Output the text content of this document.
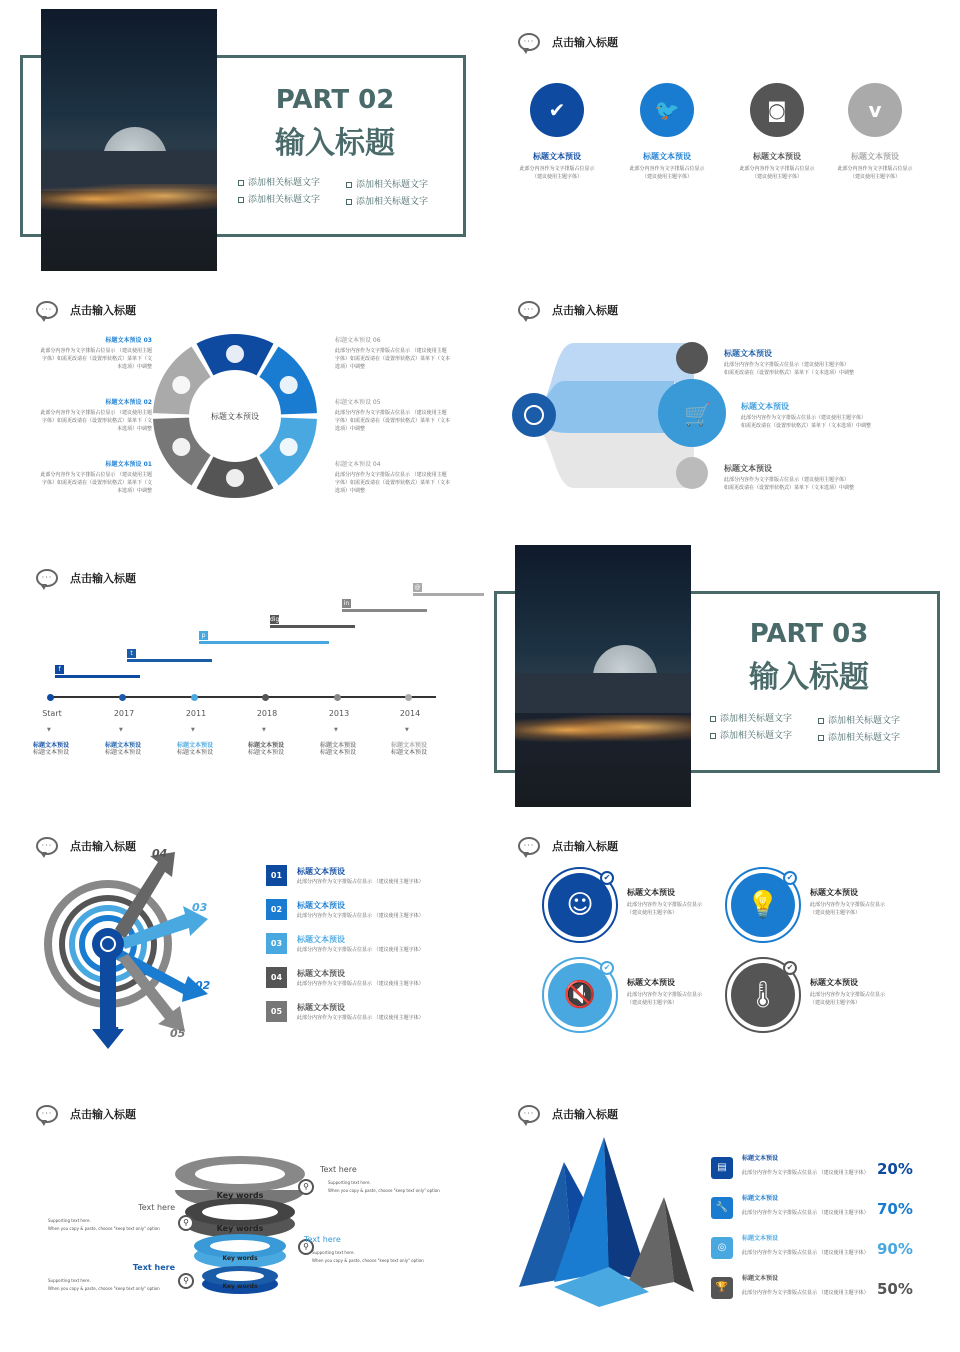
PART 02
输入标题
添加相关标题文字	添加相关标题文字
添加相关标题文字	添加相关标题文字
···	点击输入标题
✔
标题文本预设
此部分内容作为文字排版占位显示
（建议使用主题字体）
🐦
标题文本预设
此部分内容作为文字排版占位显示
（建议使用主题字体）
◙
标题文本预设
此部分内容作为文字排版占位显示
（建议使用主题字体）
v
标题文本预设
此部分内容作为文字排版占位显示
（建议使用主题字体）
···	点击输入标题
标题文本预设
标题文本预设 03
此部分内容作为文字排版占位显示 （建议使用主题字体）如需更改请在（设置形状格式）菜单下（文本选项）中调整
标题文本预设 02
此部分内容作为文字排版占位显示 （建议使用主题字体）如需更改请在（设置形状格式）菜单下（文本选项）中调整
标题文本预设 01
此部分内容作为文字排版占位显示 （建议使用主题字体）如需更改请在（设置形状格式）菜单下（文本选项）中调整
标题文本预设 06
此部分内容作为文字排版占位显示 （建议使用主题字体）如需更改请在（设置形状格式）菜单下（文本选项）中调整
标题文本预设 05
此部分内容作为文字排版占位显示 （建议使用主题字体）如需更改请在（设置形状格式）菜单下（文本选项）中调整
标题文本预设 04
此部分内容作为文字排版占位显示 （建议使用主题字体）如需更改请在（设置形状格式）菜单下（文本选项）中调整
···	点击输入标题
🛒
标题文本预设
此部分内容作为文字排版占位显示（建议使用主题字体）
如需更改请在（设置形状格式）菜单下（文本选项）中调整
标题文本预设
此部分内容作为文字排版占位显示（建议使用主题字体）
如需更改请在（设置形状格式）菜单下（文本选项）中调整
标题文本预设
此部分内容作为文字排版占位显示（建议使用主题字体）
如需更改请在（设置形状格式）菜单下（文本选项）中调整
···	点击输入标题
f
Start
▼
标题文本预设
标题文本预设
t
2017
▼
标题文本预设
标题文本预设
p
2011
▼
标题文本预设
标题文本预设
digg
2018
▼
标题文本预设
标题文本预设
in
2013
▼
标题文本预设
标题文本预设
@
2014
▼
标题文本预设
标题文本预设
PART 03
输入标题
添加相关标题文字	添加相关标题文字
添加相关标题文字	添加相关标题文字
···	点击输入标题
04
03
02
01	05
01	标题文本预设
此部分内容作为文字排版占位显示 （建议使用主题字体）
02	标题文本预设
此部分内容作为文字排版占位显示 （建议使用主题字体）
03	标题文本预设
此部分内容作为文字排版占位显示 （建议使用主题字体）
04	标题文本预设
此部分内容作为文字排版占位显示 （建议使用主题字体）
05	标题文本预设
此部分内容作为文字排版占位显示 （建议使用主题字体）
···	点击输入标题
☺
✔
标题文本预设
此部分内容作为文字排版占位显示
（建议使用主题字体）	💡
✔
标题文本预设
此部分内容作为文字排版占位显示
（建议使用主题字体）
🔇
✔
标题文本预设
此部分内容作为文字排版占位显示
（建议使用主题字体）	🌡
✔
标题文本预设
此部分内容作为文字排版占位显示
（建议使用主题字体）
···	点击输入标题
Key words
Key words
Key words
Key words
⚲
⚲
⚲
⚲
Text here
Supporting text here.
When you copy & paste, choose "keep text only" option
Text here
Supporting text here.
When you copy & paste, choose "keep text only" option
Text here
Supporting text here.
When you copy & paste, choose "keep text only" option
Text here
Supporting text here.
When you copy & paste, choose "keep text only" option
···	点击输入标题
▤
标题文本预设
此部分内容作为文字排版占位显示 （建议使用主题字体） 20%
🔧
标题文本预设
此部分内容作为文字排版占位显示 （建议使用主题字体） 70%
◎
标题文本预设
此部分内容作为文字排版占位显示 （建议使用主题字体） 90%
🏆
标题文本预设
此部分内容作为文字排版占位显示 （建议使用主题字体） 50%
